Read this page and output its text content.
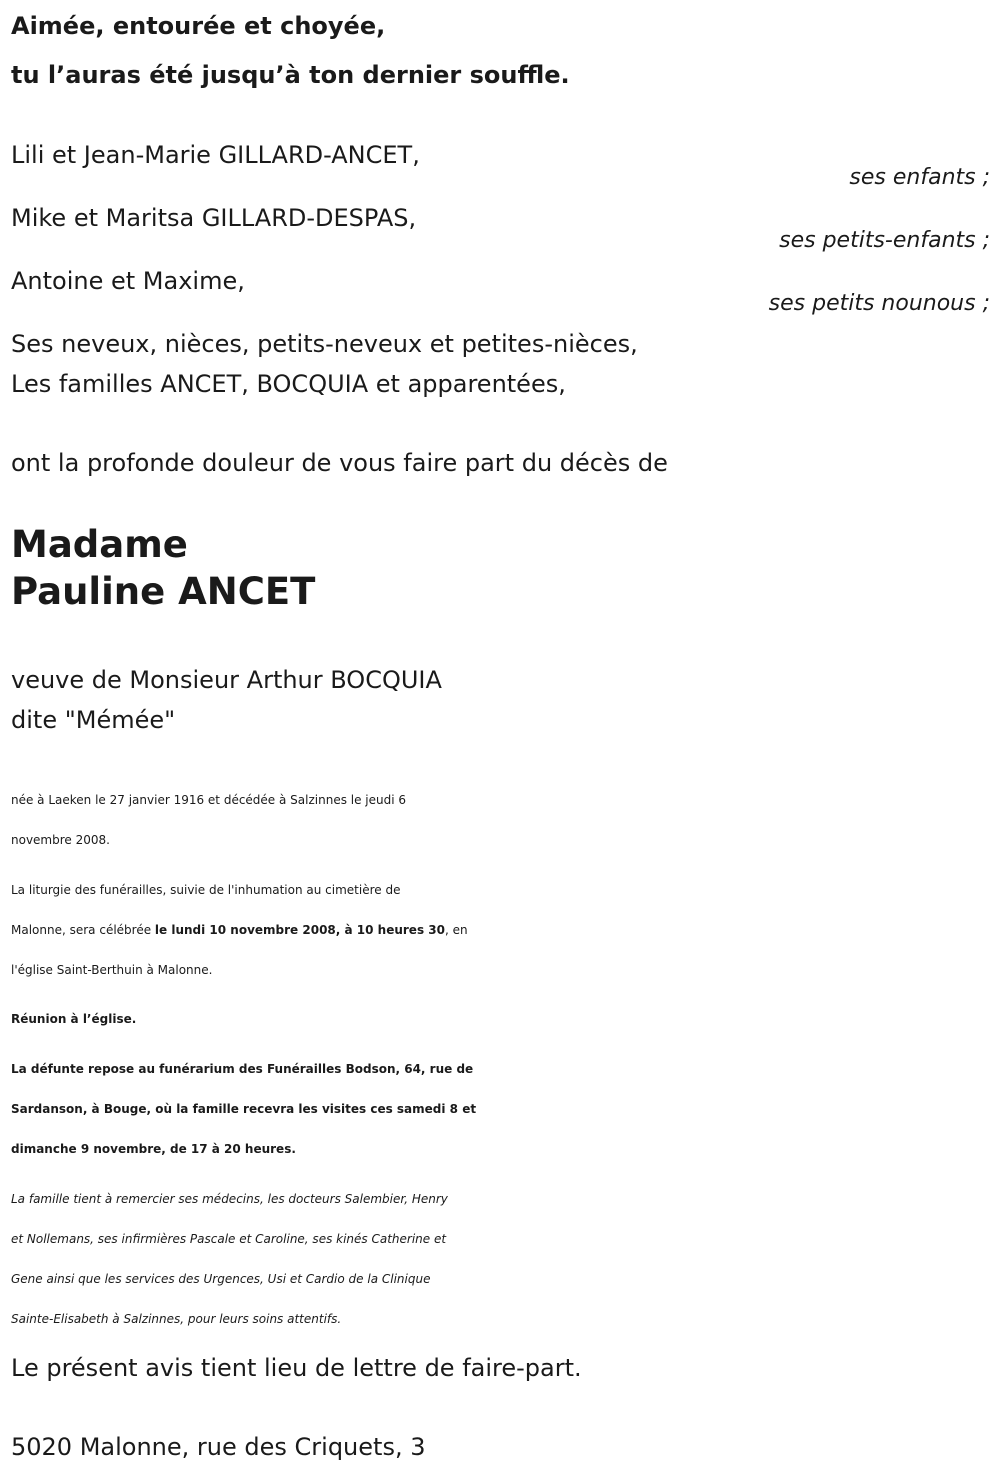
Aimée, entourée et choyée,
tu l’auras été jusqu’à ton dernier souffle.
Lili et Jean-Marie GILLARD-ANCET,
ses enfants ;
Mike et Maritsa GILLARD-DESPAS,
ses petits-enfants ;
Antoine et Maxime,
ses petits nounous ;
Ses neveux, nièces, petits-neveux et petites-nièces,
Les familles ANCET, BOCQUIA et apparentées,
ont la profonde douleur de vous faire part du décès de
Madame
Pauline ANCET
veuve de Monsieur Arthur BOCQUIA
dite "Mémée"
née à Laeken le 27 janvier 1916 et décédée à Salzinnes le jeudi 6
novembre 2008.
La liturgie des funérailles, suivie de l'inhumation au cimetière de
Malonne, sera célébrée le lundi 10 novembre 2008, à 10 heures 30, en
l'église Saint-Berthuin à Malonne.
Réunion à l’église.
La défunte repose au funérarium des Funérailles Bodson, 64, rue de
Sardanson, à Bouge, où la famille recevra les visites ces samedi 8 et
dimanche 9 novembre, de 17 à 20 heures.
La famille tient à remercier ses médecins, les docteurs Salembier, Henry
et Nollemans, ses infirmières Pascale et Caroline, ses kinés Catherine et
Gene ainsi que les services des Urgences, Usi et Cardio de la Clinique
Sainte-Elisabeth à Salzinnes, pour leurs soins attentifs.
Le présent avis tient lieu de lettre de faire-part.
5020 Malonne, rue des Criquets, 3
